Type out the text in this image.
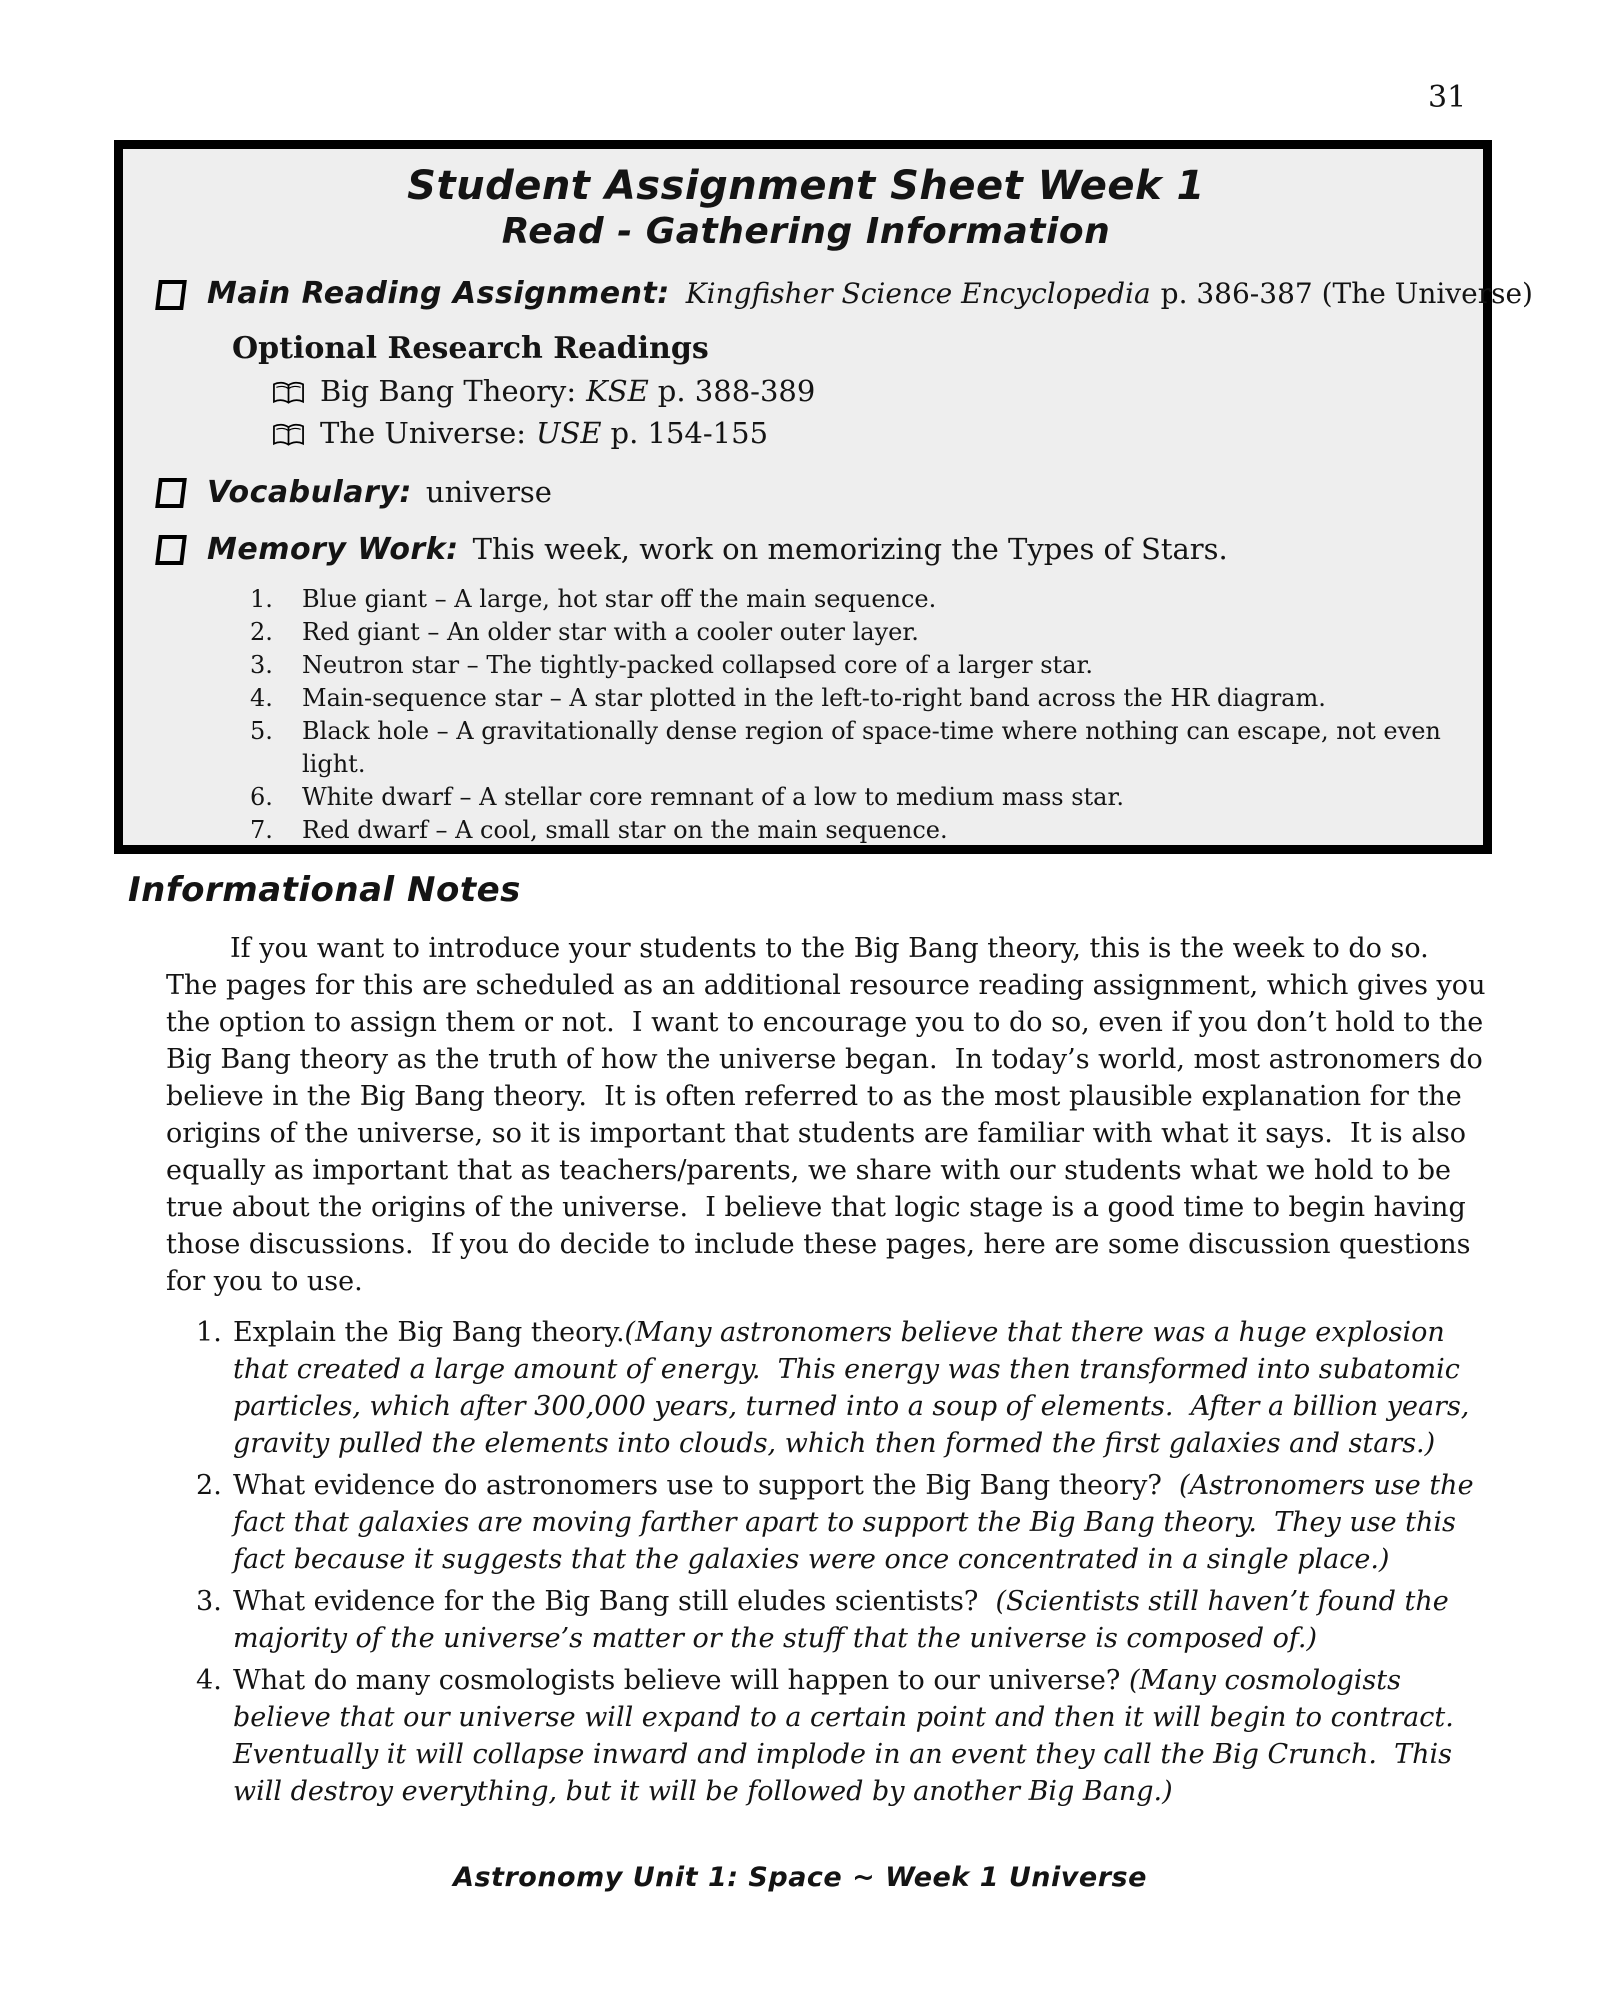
31
Student Assignment Sheet Week 1
Read - Gathering Information
Main Reading Assignment: Kingfisher Science Encyclopedia p. 386-387 (The Universe)
Optional Research Readings
Big Bang Theory: KSE p. 388-389
The Universe: USE p. 154-155
Vocabulary: universe
Memory Work: This week, work on memorizing the Types of Stars.
Blue giant – A large, hot star off the main sequence.
Red giant – An older star with a cooler outer layer.
Neutron star – The tightly-packed collapsed core of a larger star.
Main-sequence star – A star plotted in the left-to-right band across the HR diagram.
Black hole – A gravitationally dense region of space-time where nothing can escape, not even light.
White dwarf – A stellar core remnant of a low to medium mass star.
Red dwarf – A cool, small star on the main sequence.
Informational Notes

If you want to introduce your students to the Big Bang theory, this is the week to do so.  The pages for this are scheduled as an additional resource reading assignment, which gives you the option to assign them or not.  I want to encourage you to do so, even if you don’t hold to the Big Bang theory as the truth of how the universe began.  In today’s world, most astronomers do believe in the Big Bang theory.  It is often referred to as the most plausible explanation for the origins of the universe, so it is important that students are familiar with what it says.  It is also equally as important that as teachers/parents, we share with our students what we hold to be true about the origins of the universe.  I believe that logic stage is a good time to begin having those discussions.  If you do decide to include these pages, here are some discussion questions for you to use.

Explain the Big Bang theory.(Many astronomers believe that there was a huge explosion that created a large amount of energy.  This energy was then transformed into subatomic particles, which after 300,000 years, turned into a soup of elements.  After a billion years, gravity pulled the elements into clouds, which then formed the first galaxies and stars.)
What evidence do astronomers use to support the Big Bang theory?  (Astronomers use the fact that galaxies are moving farther apart to support the Big Bang theory.  They use this fact because it suggests that the galaxies were once concentrated in a single place.)
What evidence for the Big Bang still eludes scientists?  (Scientists still haven’t found the majority of the universe’s matter or the stuff that the universe is composed of.)
What do many cosmologists believe will happen to our universe? (Many cosmologists believe that our universe will expand to a certain point and then it will begin to contract.  Eventually it will collapse inward and implode in an event they call the Big Crunch.  This will destroy everything, but it will be followed by another Big Bang.)
Astronomy Unit 1: Space ~ Week 1 Universe
